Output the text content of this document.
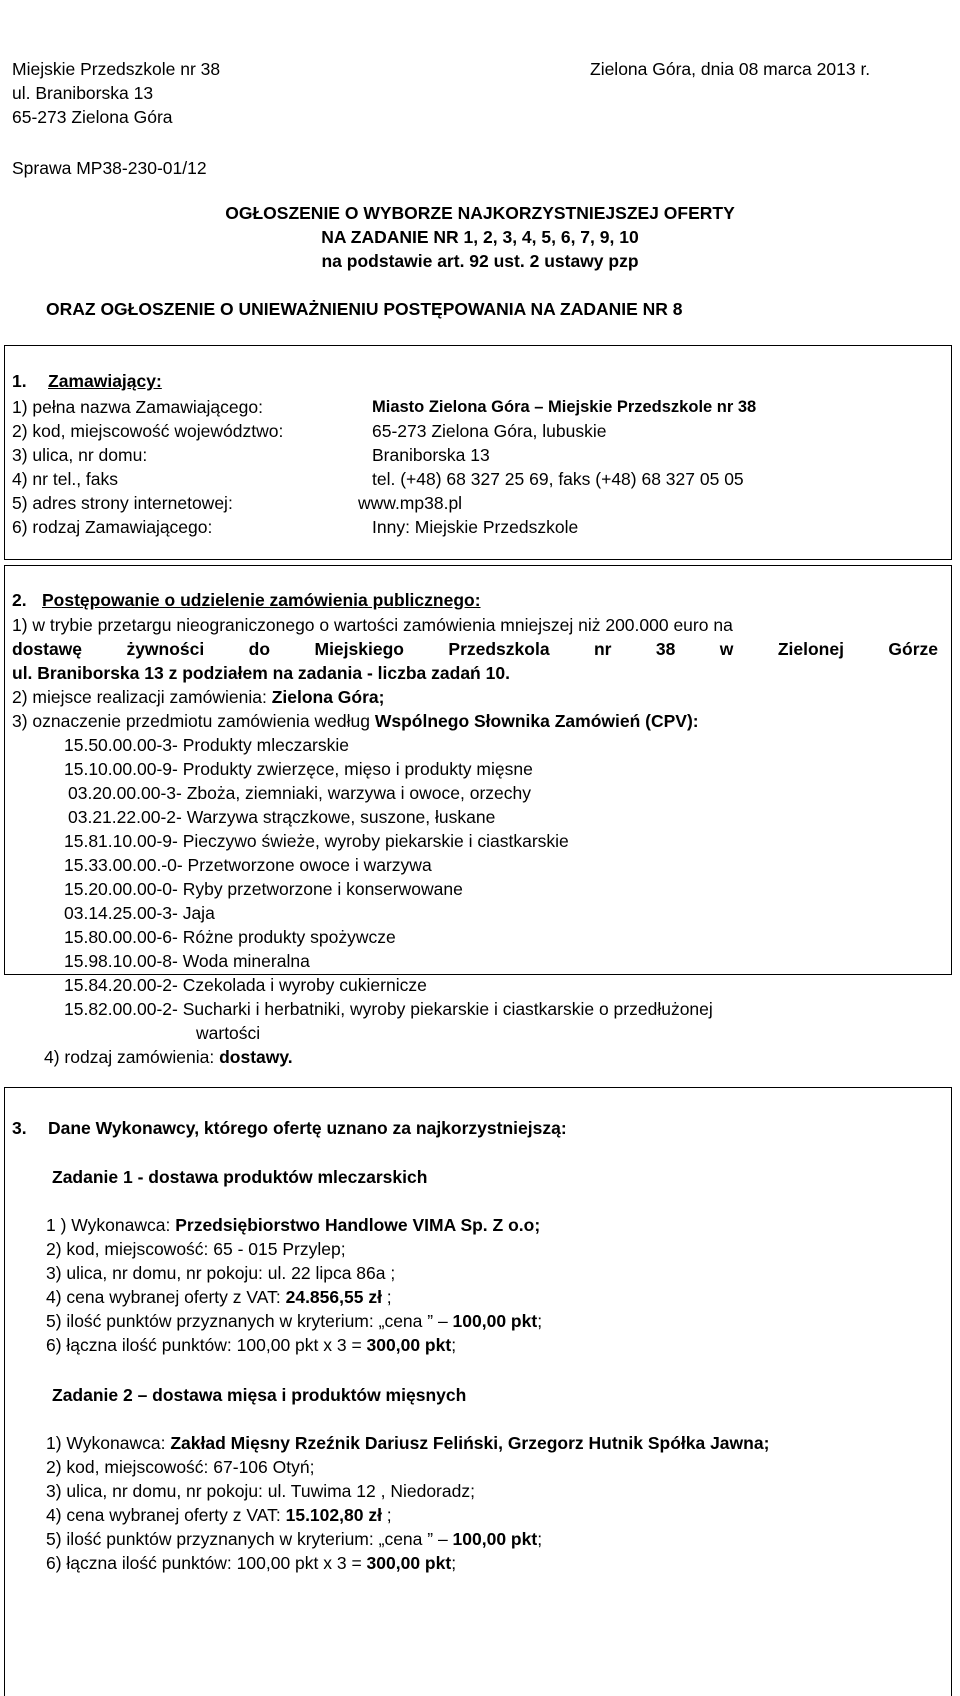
Miejskie Przedszkole nr 38
ul. Braniborska 13
65-273 Zielona Góra
Zielona Góra, dnia 08 marca 2013 r.
Sprawa MP38-230-01/12
OGŁOSZENIE O WYBORZE NAJKORZYSTNIEJSZEJ OFERTY
NA ZADANIE NR 1, 2, 3, 4, 5, 6, 7, 9, 10
na podstawie art. 92 ust. 2 ustawy pzp
ORAZ OGŁOSZENIE O UNIEWAŻNIENIU POSTĘPOWANIA NA ZADANIE NR 8
1. Zamawiający:
1) pełna nazwa Zamawiającego:	Miasto Zielona Góra – Miejskie Przedszkole nr 38
2) kod, miejscowość województwo:	65-273 Zielona Góra, lubuskie
3) ulica, nr domu:	Braniborska 13
4) nr tel., faks	tel. (+48) 68 327 25 69, faks (+48) 68 327 05 05
5) adres strony internetowej:	www.mp38.pl
6) rodzaj Zamawiającego:	Inny: Miejskie Przedszkole
2. Postępowanie o udzielenie zamówienia publicznego:
1) w trybie przetargu nieograniczonego o wartości zamówienia mniejszej niż 200.000 euro na
dostawę żywności do Miejskiego Przedszkola nr 38 w Zielonej Górze
ul. Braniborska 13 z podziałem na zadania - liczba zadań 10.
2) miejsce realizacji zamówienia: Zielona Góra;
3) oznaczenie przedmiotu zamówienia według Wspólnego Słownika Zamówień (CPV):
15.50.00.00-3- Produkty mleczarskie
15.10.00.00-9- Produkty zwierzęce, mięso i produkty mięsne
03.20.00.00-3- Zboża, ziemniaki, warzywa i owoce, orzechy
03.21.22.00-2- Warzywa strączkowe, suszone, łuskane
15.81.10.00-9- Pieczywo świeże, wyroby piekarskie i ciastkarskie
15.33.00.00.-0- Przetworzone owoce i warzywa
15.20.00.00-0- Ryby przetworzone i konserwowane
03.14.25.00-3- Jaja
15.80.00.00-6- Różne produkty spożywcze
15.98.10.00-8- Woda mineralna
15.84.20.00-2- Czekolada i wyroby cukiernicze
15.82.00.00-2- Sucharki i herbatniki, wyroby piekarskie i ciastkarskie o przedłużonej
wartości
4) rodzaj zamówienia: dostawy.
3. Dane Wykonawcy, którego ofertę uznano za najkorzystniejszą:
Zadanie 1 - dostawa produktów mleczarskich
1 ) Wykonawca: Przedsiębiorstwo Handlowe VIMA Sp. Z o.o;
2) kod, miejscowość: 65 - 015 Przylep;
3) ulica, nr domu, nr pokoju: ul. 22 lipca 86a ;
4) cena wybranej oferty z VAT: 24.856,55 zł ;
5) ilość punktów przyznanych w kryterium: „cena ” – 100,00 pkt;
6) łączna ilość punktów: 100,00 pkt x 3 = 300,00 pkt;
Zadanie 2 – dostawa mięsa i produktów mięsnych
1) Wykonawca: Zakład Mięsny Rzeźnik Dariusz Feliński, Grzegorz Hutnik Spółka Jawna;
2) kod, miejscowość: 67-106 Otyń;
3) ulica, nr domu, nr pokoju: ul. Tuwima 12 , Niedoradz;
4) cena wybranej oferty z VAT: 15.102,80 zł ;
5) ilość punktów przyznanych w kryterium: „cena ” – 100,00 pkt;
6) łączna ilość punktów: 100,00 pkt x 3 = 300,00 pkt;
